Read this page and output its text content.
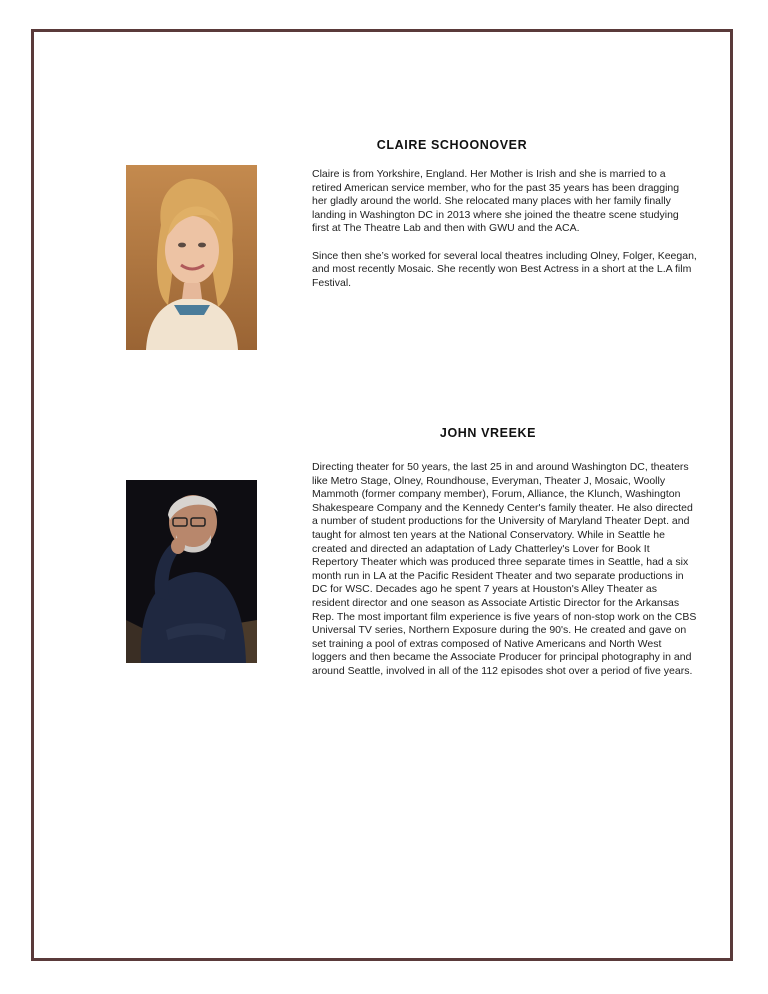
CLAIRE SCHOONOVER

Claire is from Yorkshire, England. Her Mother is Irish and she is married to a retired American service member, who for the past 35 years has been dragging her gladly around the world. She relocated many places with her family finally landing in Washington DC in 2013 where she joined the theatre scene studying first at The Theatre Lab and then with GWU and the ACA.

Since then she’s worked for several local theatres including Olney, Folger, Keegan, and most recently Mosaic. She recently won Best Actress in a short at the L.A film Festival.

JOHN VREEKE

Directing theater for 50 years, the last 25 in and around Washington DC, theaters like Metro Stage, Olney, Roundhouse, Everyman, Theater J, Mosaic, Woolly Mammoth (former company member), Forum, Alliance, the Klunch, Washington Shakespeare Company and the Kennedy Center's family theater. He also directed a number of student productions for the University of Maryland Theater Dept. and taught for almost ten years at the National Conservatory. While in Seattle he created and directed an adaptation of Lady Chatterley's Lover for Book It Repertory Theater which was produced three separate times in Seattle, had a six month run in LA at the Pacific Resident Theater and two separate productions in DC for WSC. Decades ago he spent 7 years at Houston's Alley Theater as resident director and one season as Associate Artistic Director for the Arkansas Rep. The most important film experience is five years of non-stop work on the CBS Universal TV series, Northern Exposure during the 90's. He created and gave on set training a pool of extras composed of Native Americans and North West loggers and then became the Associate Producer for principal photography in and around Seattle, involved in all of the 112 episodes shot over a period of five years.
